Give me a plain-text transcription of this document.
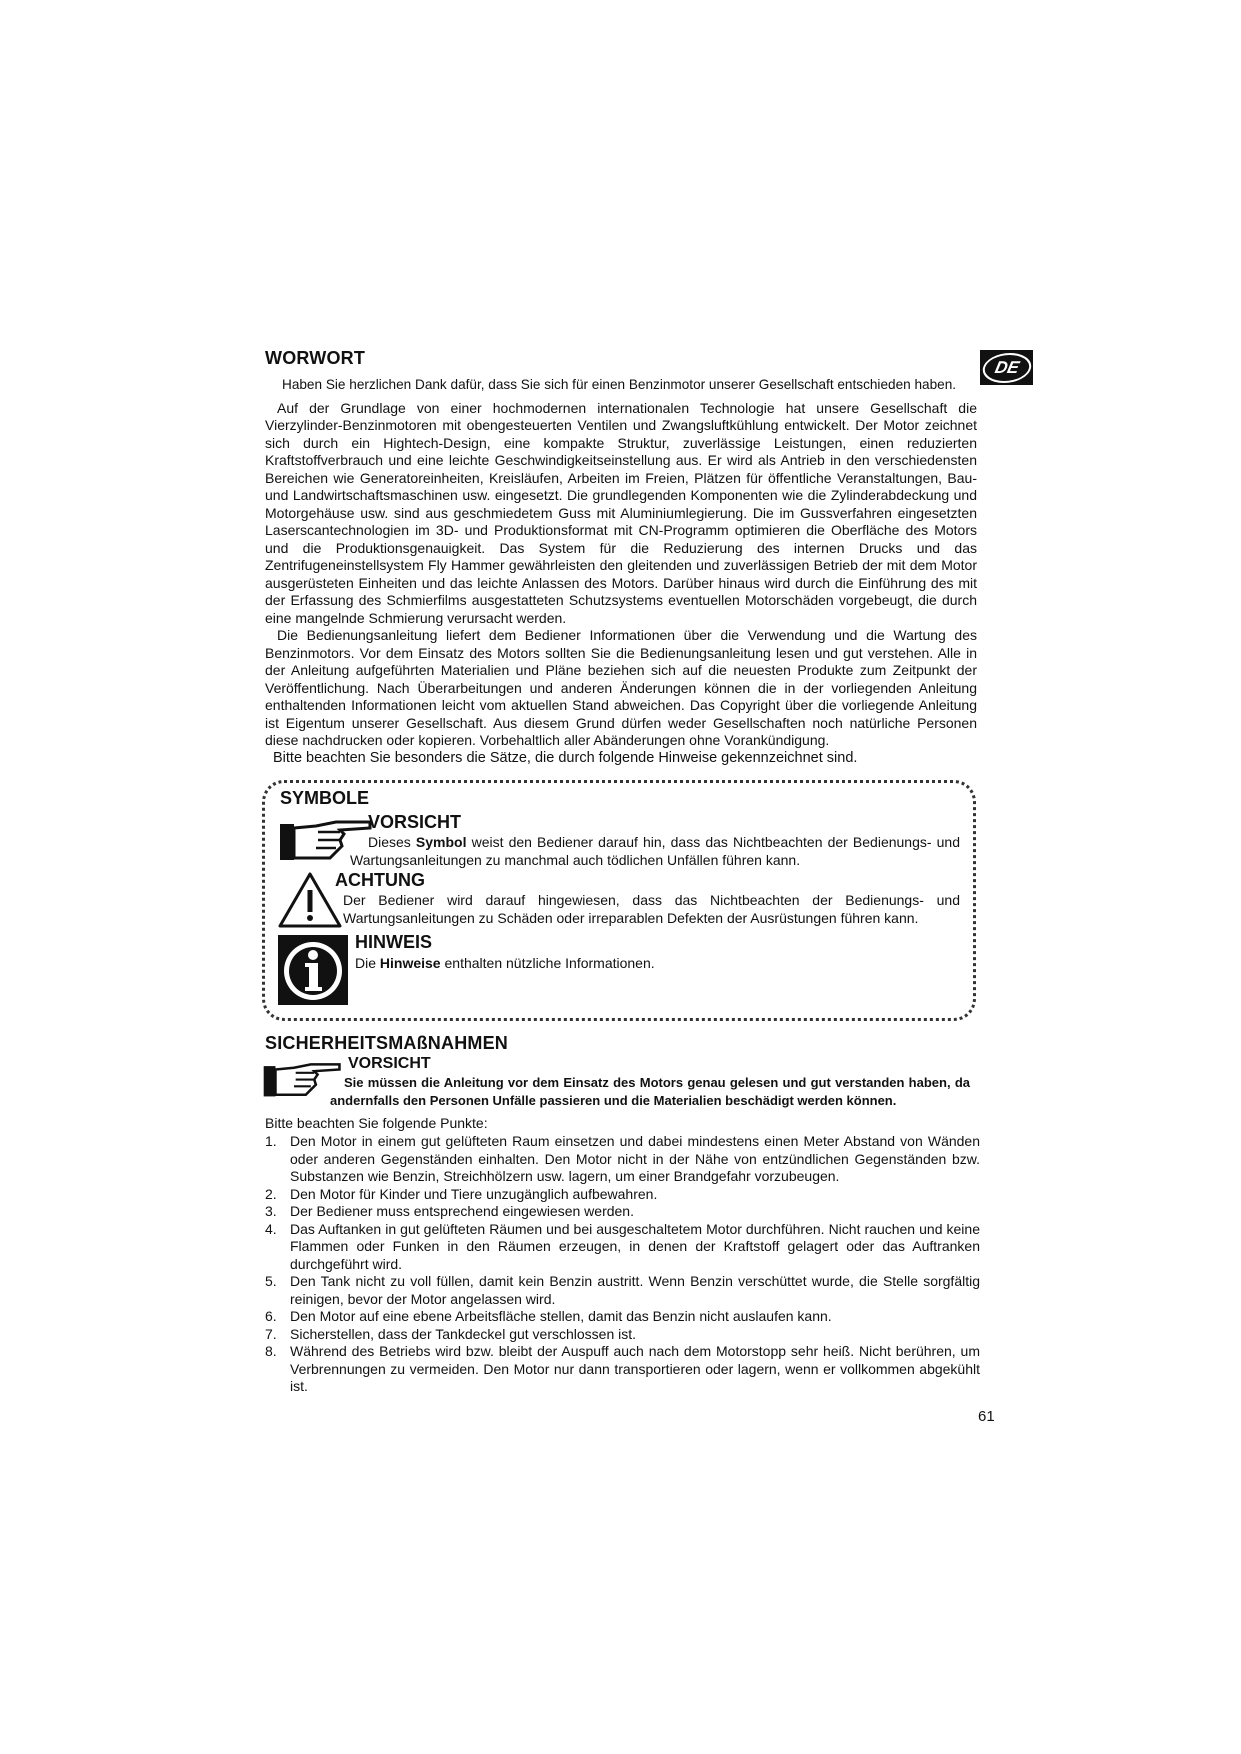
WORWORT	DE

Haben Sie herzlichen Dank dafür, dass Sie sich für einen Benzinmotor unserer Gesellschaft entschieden haben.

Auf der Grundlage von einer hochmodernen internationalen Technologie hat unsere Gesellschaft die Vierzylinder-Benzinmotoren mit obengesteuerten Ventilen und Zwangsluftkühlung entwickelt. Der Motor zeichnet sich durch ein Hightech-Design, eine kompakte Struktur, zuverlässige Leistungen, einen reduzierten Kraftstoffverbrauch und eine leichte Geschwindigkeitseinstellung aus. Er wird als Antrieb in den verschiedensten Bereichen wie Generatoreinheiten, Kreisläufen, Arbeiten im Freien, Plätzen für öffentliche Veranstaltungen, Bau- und Landwirtschaftsmaschinen usw. eingesetzt. Die grundlegenden Komponenten wie die Zylinderabdeckung und Motorgehäuse usw. sind aus geschmiedetem Guss mit Aluminiumlegierung. Die im Gussverfahren eingesetzten Laserscantechnologien im 3D- und Produktionsformat mit CN-Programm optimieren die Oberfläche des Motors und die Produktionsgenauigkeit. Das System für die Reduzierung des internen Drucks und das Zentrifugeneinstellsystem Fly Hammer gewährleisten den gleitenden und zuverlässigen Betrieb der mit dem Motor ausgerüsteten Einheiten und das leichte Anlassen des Motors. Darüber hinaus wird durch die Einführung des mit der Erfassung des Schmierfilms ausgestatteten Schutzsystems eventuellen Motorschäden vorgebeugt, die durch eine mangelnde Schmierung verursacht werden.

Die Bedienungsanleitung liefert dem Bediener Informationen über die Verwendung und die Wartung des Benzinmotors. Vor dem Einsatz des Motors sollten Sie die Bedienungsanleitung lesen und gut verstehen. Alle in der Anleitung aufgeführten Materialien und Pläne beziehen sich auf die neuesten Produkte zum Zeitpunkt der Veröffentlichung. Nach Überarbeitungen und anderen Änderungen können die in der vorliegenden Anleitung enthaltenden Informationen leicht vom aktuellen Stand abweichen. Das Copyright über die vorliegende Anleitung ist Eigentum unserer Gesellschaft. Aus diesem Grund dürfen weder Gesellschaften noch natürliche Personen diese nachdrucken oder kopieren. Vorbehaltlich aller Abänderungen ohne Vorankündigung.

Bitte beachten Sie besonders die Sätze, die durch folgende Hinweise gekennzeichnet sind.

SYMBOLE
VORSICHT

Dieses Symbol weist den Bediener darauf hin, dass das Nichtbeachten der Bedienungs- und Wartungsanleitungen zu manchmal auch tödlichen Unfällen führen kann.

ACHTUNG

Der Bediener wird darauf hingewiesen, dass das Nichtbeachten der Bedienungs- und Wartungsanleitungen zu Schäden oder irreparablen Defekten der Ausrüstungen führen kann.

HINWEIS

Die Hinweise enthalten nützliche Informationen.

SICHERHEITSMAßNAHMEN
VORSICHT

Sie müssen die Anleitung vor dem Einsatz des Motors genau gelesen und gut verstanden haben, da andernfalls den Personen Unfälle passieren und die Materialien beschädigt werden können.

Bitte beachten Sie folgende Punkte:

1. Den Motor in einem gut gelüfteten Raum einsetzen und dabei mindestens einen Meter Abstand von Wänden oder anderen Gegenständen einhalten. Den Motor nicht in der Nähe von entzündlichen Gegenständen bzw. Substanzen wie Benzin, Streichhölzern usw. lagern, um einer Brandgefahr vorzubeugen.
2. Den Motor für Kinder und Tiere unzugänglich aufbewahren.
3. Der Bediener muss entsprechend eingewiesen werden.
4. Das Auftanken in gut gelüfteten Räumen und bei ausgeschaltetem Motor durchführen. Nicht rauchen und keine Flammen oder Funken in den Räumen erzeugen, in denen der Kraftstoff gelagert oder das Auftranken durchgeführt wird.
5. Den Tank nicht zu voll füllen, damit kein Benzin austritt. Wenn Benzin verschüttet wurde, die Stelle sorgfältig reinigen, bevor der Motor angelassen wird.
6. Den Motor auf eine ebene Arbeitsfläche stellen, damit das Benzin nicht auslaufen kann.
7. Sicherstellen, dass der Tankdeckel gut verschlossen ist.
8. Während des Betriebs wird bzw. bleibt der Auspuff auch nach dem Motorstopp sehr heiß. Nicht berühren, um Verbrennungen zu vermeiden. Den Motor nur dann transportieren oder lagern, wenn er vollkommen abgekühlt ist.
61
